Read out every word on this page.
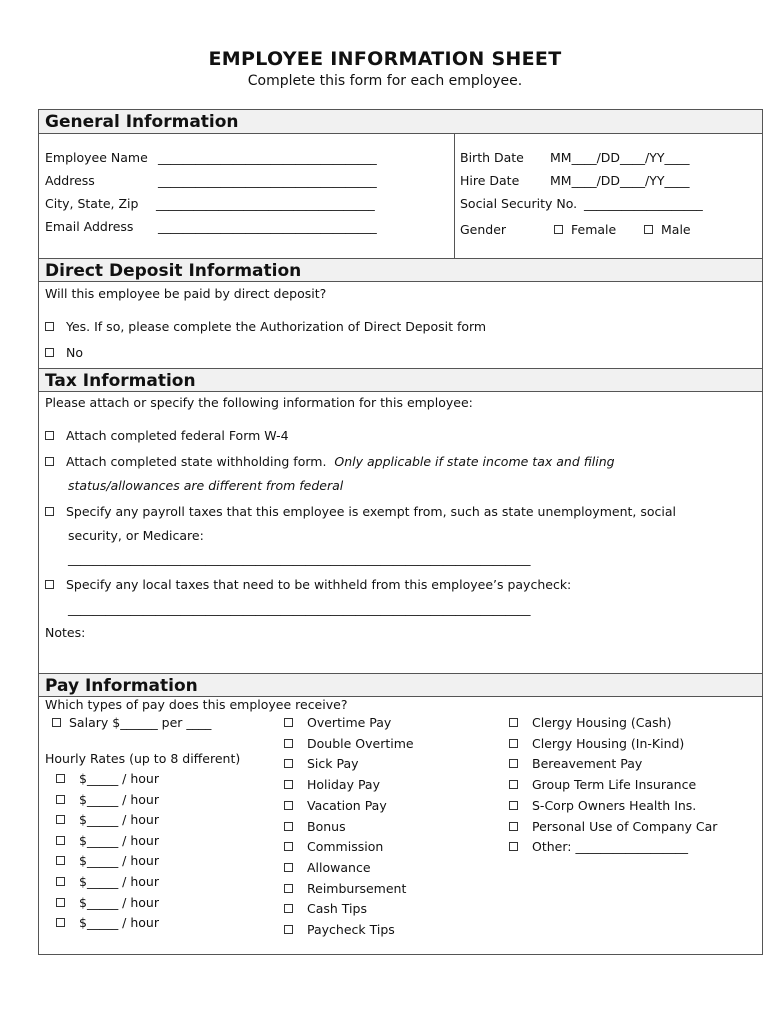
EMPLOYEE INFORMATION SHEET
Complete this form for each employee.
General Information
Employee Name ___________________________________
Address	___________________________________
City, State, Zip ___________________________________
Email Address ___________________________________
Birth Date MM____/DD____/YY____
Hire Date MM____/DD____/YY____
Social Security No. ___________________
Gender	Female	Male
Direct Deposit Information
Will this employee be paid by direct deposit?
Yes. If so, please complete the Authorization of Direct Deposit form
No
Tax Information
Please attach or specify the following information for this employee:
Attach completed federal Form W-4
Attach completed state withholding form. Only applicable if state income tax and filing
status/allowances are different from federal
Specify any payroll taxes that this employee is exempt from, such as state unemployment, social
security, or Medicare:
__________________________________________________________________________
Specify any local taxes that need to be withheld from this employee’s paycheck:
__________________________________________________________________________
Notes:
Pay Information
Which types of pay does this employee receive?
Salary $______ per ____
Hourly Rates (up to 8 different)
$_____ / hour
$_____ / hour
$_____ / hour
$_____ / hour
$_____ / hour
$_____ / hour
$_____ / hour
$_____ / hour
Overtime Pay
Double Overtime
Sick Pay
Holiday Pay
Vacation Pay
Bonus
Commission
Allowance
Reimbursement
Cash Tips
Paycheck Tips
Clergy Housing (Cash)
Clergy Housing (In-Kind)
Bereavement Pay
Group Term Life Insurance
S-Corp Owners Health Ins.
Personal Use of Company Car
Other: __________________
